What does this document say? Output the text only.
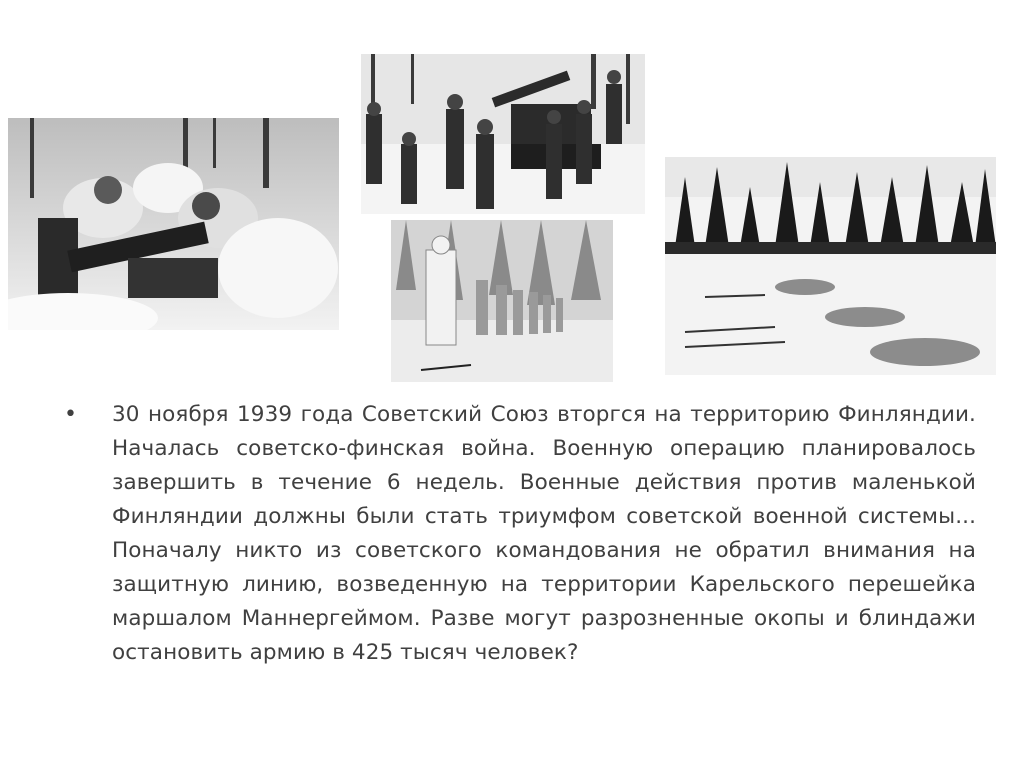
• 30 ноября 1939 года Советский Союз вторгся на территорию Финляндии. Началась советско-финская война. Военную операцию планировалось завершить в течение 6 недель. Военные действия против маленькой Финляндии должны были стать триумфом советской военной системы... Поначалу никто из советского командования не обратил внимания на защитную линию, возведенную на территории Карельского перешейка маршалом Маннергеймом. Разве могут разрозненные окопы и блиндажи остановить армию в 425 тысяч человек?
